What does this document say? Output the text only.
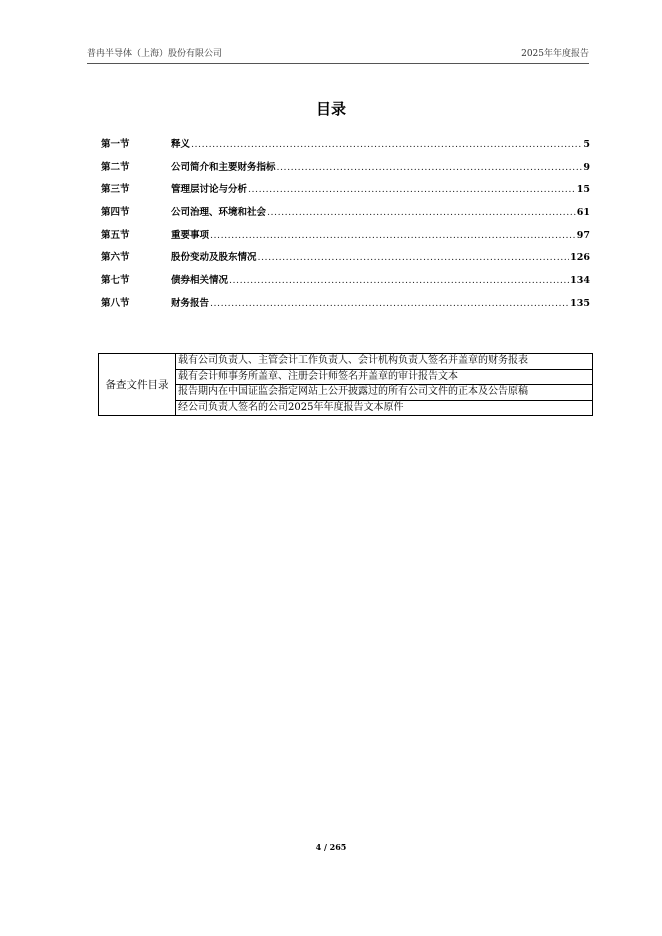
普冉半导体（上海）股份有限公司	2025年年度报告
目录
第一节	释义 .....	5
第二节	公司简介和主要财务指标 .....	9
第三节	管理层讨论与分析 .....	15
第四节	公司治理、环境和社会 .....	61
第五节	重要事项 .....	97
第六节	股份变动及股东情况 .....	126
第七节	债券相关情况 .....	134
第八节	财务报告 .....	135
备查文件目录	载有公司负责人、主管会计工作负责人、会计机构负责人签名并盖章的财务报表
载有会计师事务所盖章、注册会计师签名并盖章的审计报告文本
报告期内在中国证监会指定网站上公开披露过的所有公司文件的正本及公告原稿
经公司负责人签名的公司2025年年度报告文本原件
4 / 265
